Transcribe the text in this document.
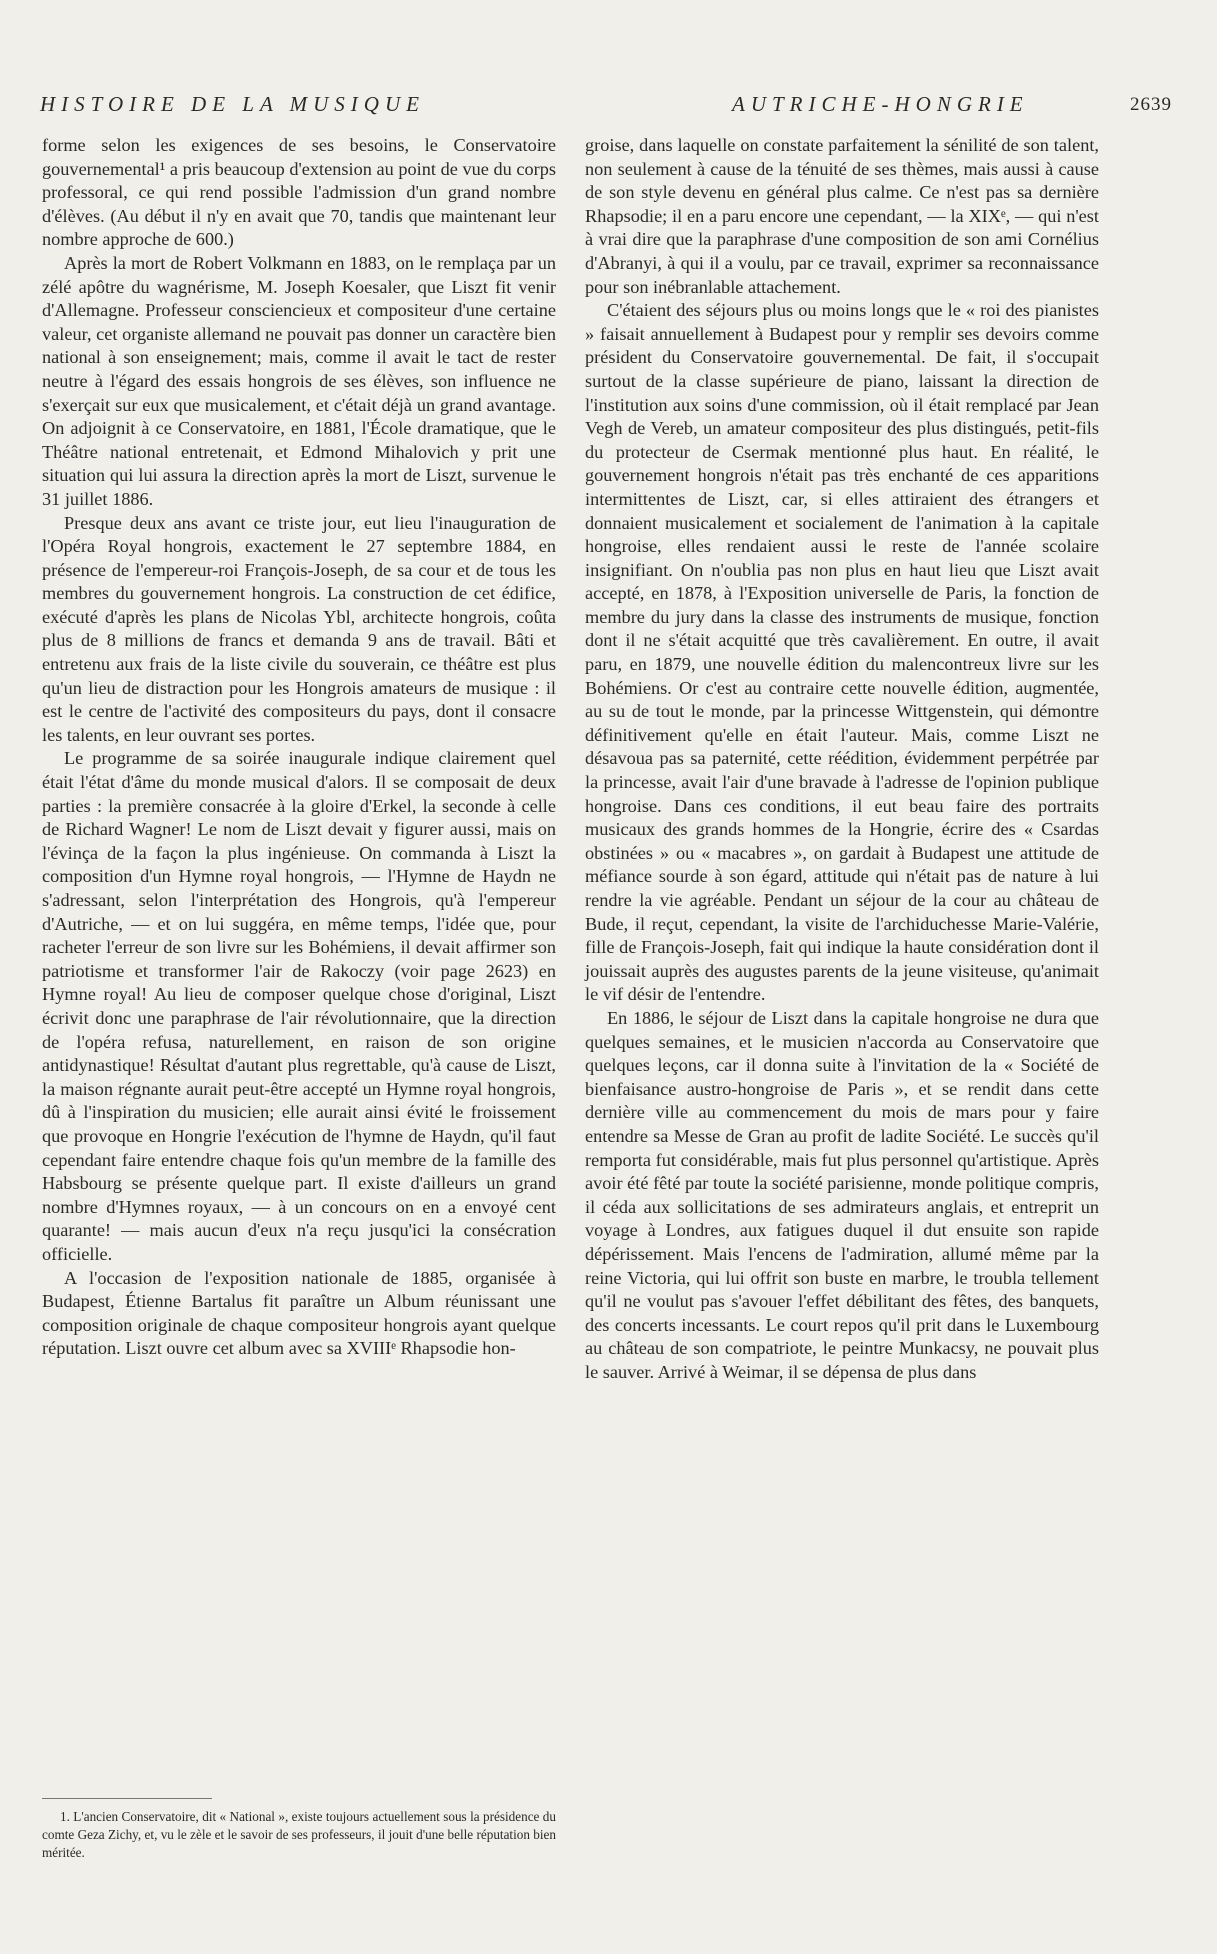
HISTOIRE DE LA MUSIQUE	AUTRICHE-HONGRIE	2639

forme selon les exigences de ses besoins, le Conservatoire gouvernemental¹ a pris beaucoup d'extension au point de vue du corps professoral, ce qui rend possible l'admission d'un grand nombre d'élèves. (Au début il n'y en avait que 70, tandis que maintenant leur nombre approche de 600.)

Après la mort de Robert Volkmann en 1883, on le remplaça par un zélé apôtre du wagnérisme, M. Joseph Koesaler, que Liszt fit venir d'Allemagne. Professeur consciencieux et compositeur d'une certaine valeur, cet organiste allemand ne pouvait pas donner un caractère bien national à son enseignement; mais, comme il avait le tact de rester neutre à l'égard des essais hongrois de ses élèves, son influence ne s'exerçait sur eux que musicalement, et c'était déjà un grand avantage. On adjoignit à ce Conservatoire, en 1881, l'École dramatique, que le Théâtre national entretenait, et Edmond Mihalovich y prit une situation qui lui assura la direction après la mort de Liszt, survenue le 31 juillet 1886.

Presque deux ans avant ce triste jour, eut lieu l'inauguration de l'Opéra Royal hongrois, exactement le 27 septembre 1884, en présence de l'empereur-roi François-Joseph, de sa cour et de tous les membres du gouvernement hongrois. La construction de cet édifice, exécuté d'après les plans de Nicolas Ybl, architecte hongrois, coûta plus de 8 millions de francs et demanda 9 ans de travail. Bâti et entretenu aux frais de la liste civile du souverain, ce théâtre est plus qu'un lieu de distraction pour les Hongrois amateurs de musique : il est le centre de l'activité des compositeurs du pays, dont il consacre les talents, en leur ouvrant ses portes.

Le programme de sa soirée inaugurale indique clairement quel était l'état d'âme du monde musical d'alors. Il se composait de deux parties : la première consacrée à la gloire d'Erkel, la seconde à celle de Richard Wagner! Le nom de Liszt devait y figurer aussi, mais on l'évinça de la façon la plus ingénieuse. On commanda à Liszt la composition d'un Hymne royal hongrois, — l'Hymne de Haydn ne s'adressant, selon l'interprétation des Hongrois, qu'à l'empereur d'Autriche, — et on lui suggéra, en même temps, l'idée que, pour racheter l'erreur de son livre sur les Bohémiens, il devait affirmer son patriotisme et transformer l'air de Rakoczy (voir page 2623) en Hymne royal! Au lieu de composer quelque chose d'original, Liszt écrivit donc une paraphrase de l'air révolutionnaire, que la direction de l'opéra refusa, naturellement, en raison de son origine antidynastique! Résultat d'autant plus regrettable, qu'à cause de Liszt, la maison régnante aurait peut-être accepté un Hymne royal hongrois, dû à l'inspiration du musicien; elle aurait ainsi évité le froissement que provoque en Hongrie l'exécution de l'hymne de Haydn, qu'il faut cependant faire entendre chaque fois qu'un membre de la famille des Habsbourg se présente quelque part. Il existe d'ailleurs un grand nombre d'Hymnes royaux, — à un concours on en a envoyé cent quarante! — mais aucun d'eux n'a reçu jusqu'ici la consécration officielle.

A l'occasion de l'exposition nationale de 1885, organisée à Budapest, Étienne Bartalus fit paraître un Album réunissant une composition originale de chaque compositeur hongrois ayant quelque réputation. Liszt ouvre cet album avec sa XVIIIᵉ Rhapsodie hon-

groise, dans laquelle on constate parfaitement la sénilité de son talent, non seulement à cause de la ténuité de ses thèmes, mais aussi à cause de son style devenu en général plus calme. Ce n'est pas sa dernière Rhapsodie; il en a paru encore une cependant, — la XIXᵉ, — qui n'est à vrai dire que la paraphrase d'une composition de son ami Cornélius d'Abranyi, à qui il a voulu, par ce travail, exprimer sa reconnaissance pour son inébranlable attachement.

C'étaient des séjours plus ou moins longs que le « roi des pianistes » faisait annuellement à Budapest pour y remplir ses devoirs comme président du Conservatoire gouvernemental. De fait, il s'occupait surtout de la classe supérieure de piano, laissant la direction de l'institution aux soins d'une commission, où il était remplacé par Jean Vegh de Vereb, un amateur compositeur des plus distingués, petit-fils du protecteur de Csermak mentionné plus haut. En réalité, le gouvernement hongrois n'était pas très enchanté de ces apparitions intermittentes de Liszt, car, si elles attiraient des étrangers et donnaient musicalement et socialement de l'animation à la capitale hongroise, elles rendaient aussi le reste de l'année scolaire insignifiant. On n'oublia pas non plus en haut lieu que Liszt avait accepté, en 1878, à l'Exposition universelle de Paris, la fonction de membre du jury dans la classe des instruments de musique, fonction dont il ne s'était acquitté que très cavalièrement. En outre, il avait paru, en 1879, une nouvelle édition du malencontreux livre sur les Bohémiens. Or c'est au contraire cette nouvelle édition, augmentée, au su de tout le monde, par la princesse Wittgenstein, qui démontre définitivement qu'elle en était l'auteur. Mais, comme Liszt ne désavoua pas sa paternité, cette réédition, évidemment perpétrée par la princesse, avait l'air d'une bravade à l'adresse de l'opinion publique hongroise. Dans ces conditions, il eut beau faire des portraits musicaux des grands hommes de la Hongrie, écrire des « Csardas obstinées » ou « macabres », on gardait à Budapest une attitude de méfiance sourde à son égard, attitude qui n'était pas de nature à lui rendre la vie agréable. Pendant un séjour de la cour au château de Bude, il reçut, cependant, la visite de l'archiduchesse Marie-Valérie, fille de François-Joseph, fait qui indique la haute considération dont il jouissait auprès des augustes parents de la jeune visiteuse, qu'animait le vif désir de l'entendre.

En 1886, le séjour de Liszt dans la capitale hongroise ne dura que quelques semaines, et le musicien n'accorda au Conservatoire que quelques leçons, car il donna suite à l'invitation de la « Société de bienfaisance austro-hongroise de Paris », et se rendit dans cette dernière ville au commencement du mois de mars pour y faire entendre sa Messe de Gran au profit de ladite Société. Le succès qu'il remporta fut considérable, mais fut plus personnel qu'artistique. Après avoir été fêté par toute la société parisienne, monde politique compris, il céda aux sollicitations de ses admirateurs anglais, et entreprit un voyage à Londres, aux fatigues duquel il dut ensuite son rapide dépérissement. Mais l'encens de l'admiration, allumé même par la reine Victoria, qui lui offrit son buste en marbre, le troubla tellement qu'il ne voulut pas s'avouer l'effet débilitant des fêtes, des banquets, des concerts incessants. Le court repos qu'il prit dans le Luxembourg au château de son compatriote, le peintre Munkacsy, ne pouvait plus le sauver. Arrivé à Weimar, il se dépensa de plus dans

1. L'ancien Conservatoire, dit « National », existe toujours actuellement sous la présidence du comte Geza Zichy, et, vu le zèle et le savoir de ses professeurs, il jouit d'une belle réputation bien méritée.
